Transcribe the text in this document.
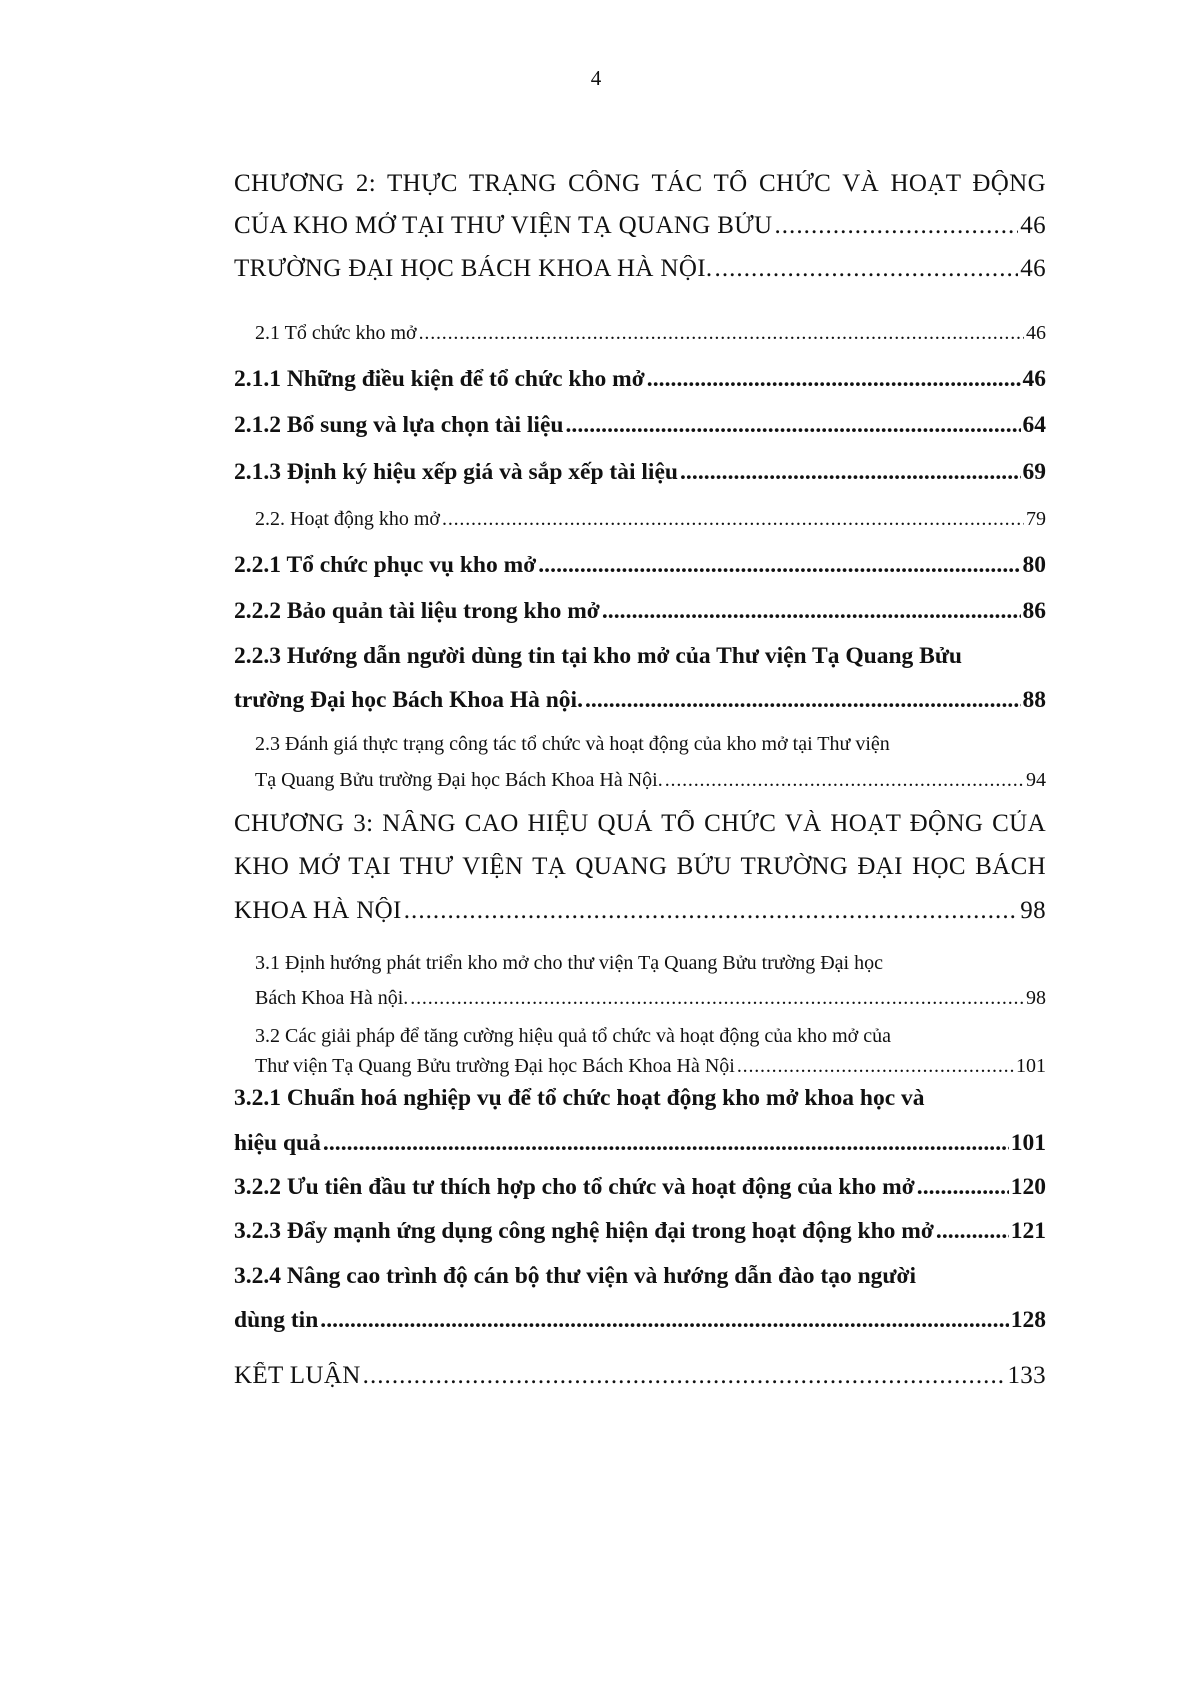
4
CHƯƠNG 2: THỰC TRẠNG CÔNG TÁC TỔ CHỨC VÀ HOẠT ĐỘNG
CỦA KHO MỞ TẠI THƯ VIỆN TẠ QUANG BỬU . . .	46
TRƯỜNG ĐẠI HỌC BÁCH KHOA HÀ NỘI. . . .	46
2.1 Tổ chức kho mở . . .	46
2.1.1 Những điều kiện để tổ chức kho mở . . .	46
2.1.2 Bổ sung và lựa chọn tài liệu . . .	64
2.1.3 Định ký hiệu xếp giá và sắp xếp tài liệu . . .	69
2.2. Hoạt động kho mở . . .	79
2.2.1 Tổ chức phục vụ kho mở . . .	80
2.2.2 Bảo quản tài liệu trong kho mở . . .	86
2.2.3 Hướng dẫn người dùng tin tại kho mở của Thư viện Tạ Quang Bửu
trường Đại học Bách Khoa Hà nội. . . .	88
2.3 Đánh giá thực trạng công tác tổ chức và hoạt động của kho mở tại Thư viện
Tạ Quang Bửu trường Đại học Bách Khoa Hà Nội. . . .	94
CHƯƠNG 3: NÂNG CAO HIỆU QUẢ TỔ CHỨC VÀ HOẠT ĐỘNG CỦA
KHO MỞ TẠI THƯ VIỆN TẠ QUANG BỬU TRƯỜNG ĐẠI HỌC BÁCH
KHOA HÀ NỘI . . .	98
3.1 Định hướng phát triển kho mở cho thư viện Tạ Quang Bửu trường Đại học
Bách Khoa Hà nội. . . .	98
3.2 Các giải pháp để tăng cường hiệu quả tổ chức và hoạt động của kho mở của
Thư viện Tạ Quang Bửu trường Đại học Bách Khoa Hà Nội . . .	101
3.2.1 Chuẩn hoá nghiệp vụ để tổ chức hoạt động kho mở khoa học và
hiệu quả . . .	101
3.2.2 Ưu tiên đầu tư thích hợp cho tổ chức và hoạt động của kho mở . . .	120
3.2.3 Đẩy mạnh ứng dụng công nghệ hiện đại trong hoạt động kho mở . . .	121
3.2.4 Nâng cao trình độ cán bộ thư viện và hướng dẫn đào tạo người
dùng tin . . .	128
KẾT LUẬN . . .	133
